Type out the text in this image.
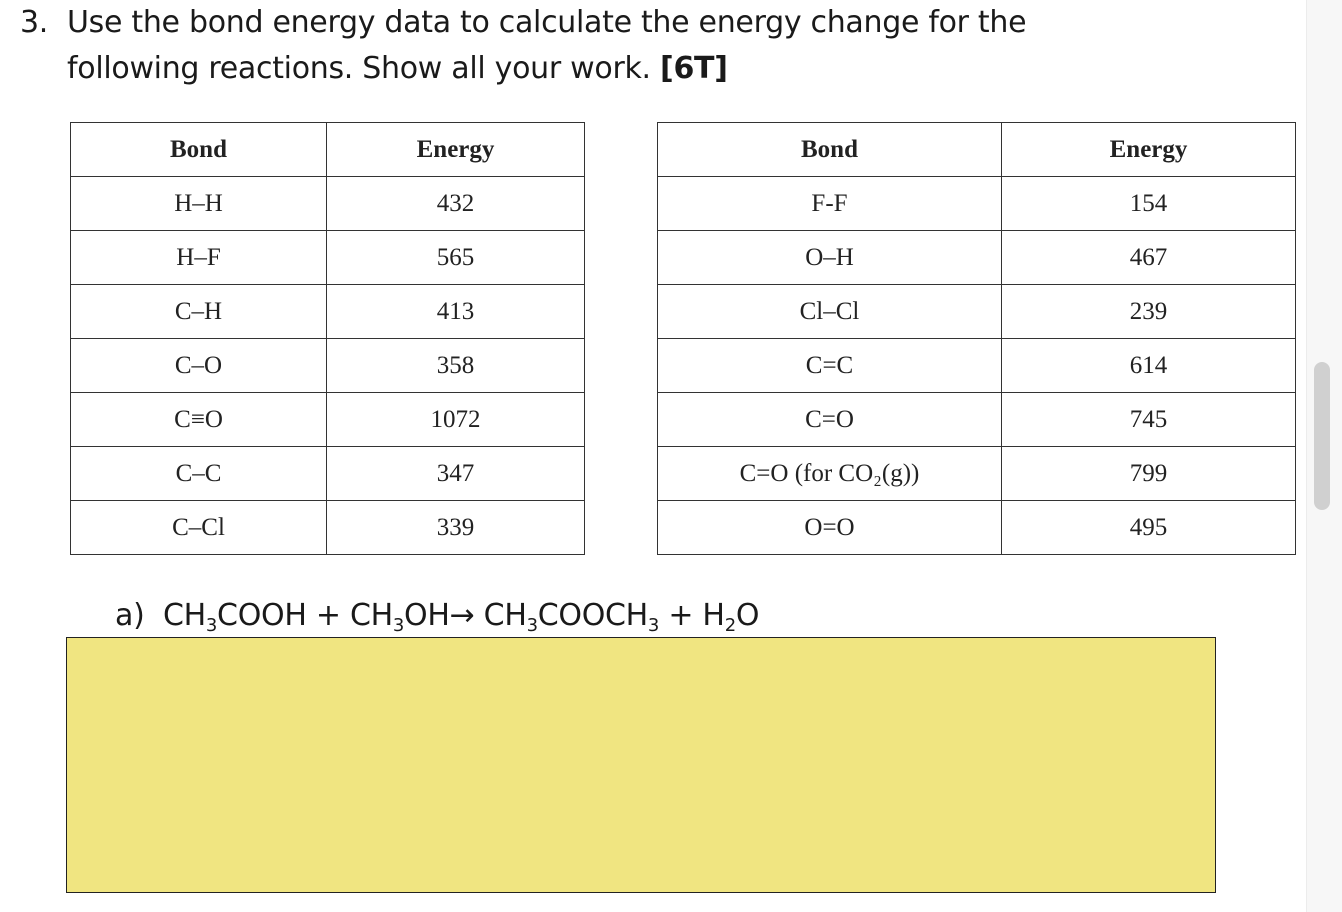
3. Use the bond energy data to calculate the energy change for the
following reactions. Show all your work. [6T]
Bond	Energy
H–H	432
H–F	565
C–H	413
C–O	358
C≡O	1072
C–C	347
C–Cl	339
Bond	Energy
F-F	154
O–H	467
Cl–Cl	239
C=C	614
C=O	745
C=O (for CO₂(g))	799
O=O	495
a) $CH_3COOH + CH_3OH\to$ $CH_3COOCH_3 + H_2O$
